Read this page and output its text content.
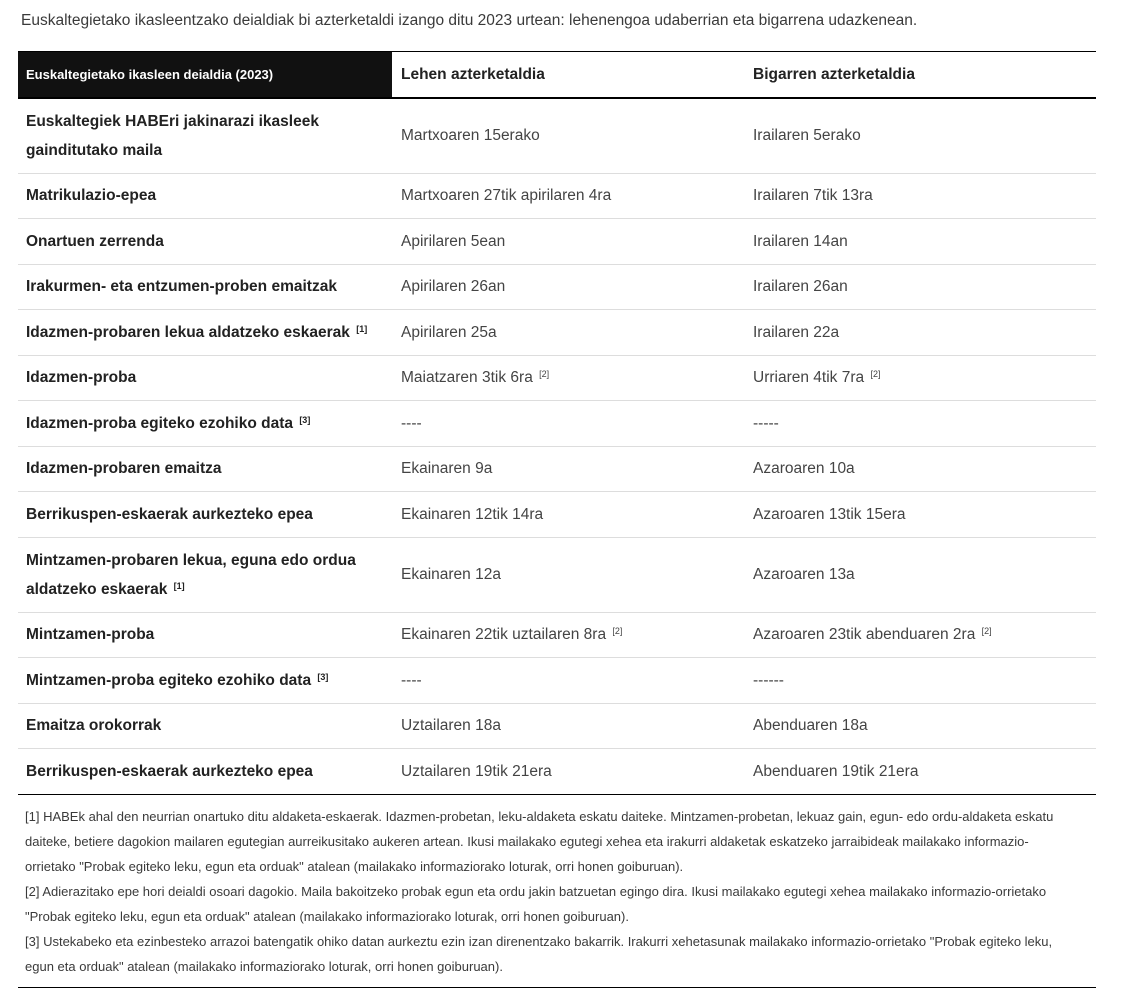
Euskaltegietako ikasleentzako deialdiak bi azterketaldi izango ditu 2023 urtean: lehenengoa udaberrian eta bigarrena udazkenean.
Euskaltegietako ikasleen deialdia (2023)	Lehen azterketaldia	Bigarren azterketaldia
Euskaltegiek HABEri jakinarazi ikasleek gainditutako maila	Martxoaren 15erako	Irailaren 5erako
Matrikulazio-epea	Martxoaren 27tik apirilaren 4ra	Irailaren 7tik 13ra
Onartuen zerrenda	Apirilaren 5ean	Irailaren 14an
Irakurmen- eta entzumen-proben emaitzak	Apirilaren 26an	Irailaren 26an
Idazmen-probaren lekua aldatzeko eskaerak [1]	Apirilaren 25a	Irailaren 22a
Idazmen-proba	Maiatzaren 3tik 6ra [2]	Urriaren 4tik 7ra [2]
Idazmen-proba egiteko ezohiko data [3]	----	-----
Idazmen-probaren emaitza	Ekainaren 9a	Azaroaren 10a
Berrikuspen-eskaerak aurkezteko epea	Ekainaren 12tik 14ra	Azaroaren 13tik 15era
Mintzamen-probaren lekua, eguna edo ordua aldatzeko eskaerak [1]	Ekainaren 12a	Azaroaren 13a
Mintzamen-proba	Ekainaren 22tik uztailaren 8ra [2]	Azaroaren 23tik abenduaren 2ra [2]
Mintzamen-proba egiteko ezohiko data [3]	----	------
Emaitza orokorrak	Uztailaren 18a	Abenduaren 18a
Berrikuspen-eskaerak aurkezteko epea	Uztailaren 19tik 21era	Abenduaren 19tik 21era

[1] HABEk ahal den neurrian onartuko ditu aldaketa-eskaerak. Idazmen-probetan, leku-aldaketa eskatu daiteke. Mintzamen-probetan, lekuaz gain, egun- edo ordu-aldaketa eskatu daiteke, betiere dagokion mailaren egutegian aurreikusitako aukeren artean. Ikusi mailakako egutegi xehea eta irakurri aldaketak eskatzeko jarraibideak mailakako informazio-orrietako "Probak egiteko leku, egun eta orduak" atalean (mailakako informaziorako loturak, orri honen goiburuan).

[2] Adierazitako epe hori deialdi osoari dagokio. Maila bakoitzeko probak egun eta ordu jakin batzuetan egingo dira. Ikusi mailakako egutegi xehea mailakako informazio-orrietako "Probak egiteko leku, egun eta orduak" atalean (mailakako informaziorako loturak, orri honen goiburuan).

[3] Ustekabeko eta ezinbesteko arrazoi batengatik ohiko datan aurkeztu ezin izan direnentzako bakarrik. Irakurri xehetasunak mailakako informazio-orrietako "Probak egiteko leku, egun eta orduak" atalean (mailakako informaziorako loturak, orri honen goiburuan).
